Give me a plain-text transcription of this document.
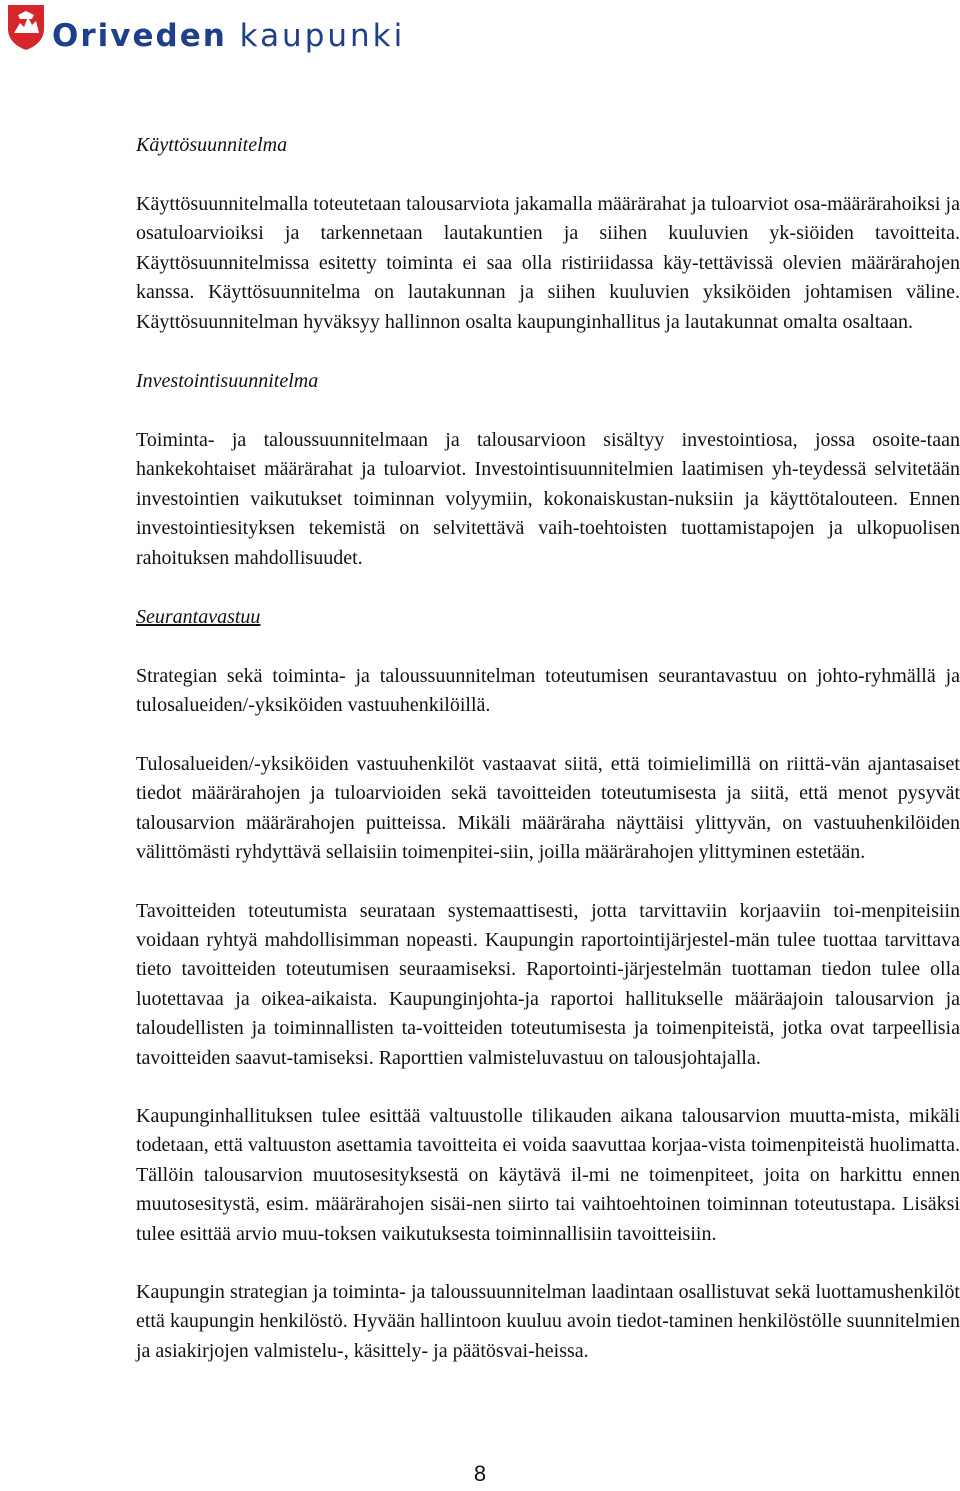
Oriveden kaupunki
Käyttösuunnitelma

Käyttösuunnitelmalla toteutetaan talousarviota jakamalla määrärahat ja tuloarviot osa-määrärahoiksi ja osatuloarvioiksi ja tarkennetaan lautakuntien ja siihen kuuluvien yk-siöiden tavoitteita. Käyttösuunnitelmissa esitetty toiminta ei saa olla ristiriidassa käy-tettävissä olevien määrärahojen kanssa. Käyttösuunnitelma on lautakunnan ja siihen kuuluvien yksiköiden johtamisen väline. Käyttösuunnitelman hyväksyy hallinnon osalta kaupunginhallitus ja lautakunnat omalta osaltaan.

Investointisuunnitelma

Toiminta- ja taloussuunnitelmaan ja talousarvioon sisältyy investointiosa, jossa osoite-taan hankekohtaiset määrärahat ja tuloarviot. Investointisuunnitelmien laatimisen yh-teydessä selvitetään investointien vaikutukset toiminnan volyymiin, kokonaiskustan-nuksiin ja käyttötalouteen. Ennen investointiesityksen tekemistä on selvitettävä vaih-toehtoisten tuottamistapojen ja ulkopuolisen rahoituksen mahdollisuudet.

Seurantavastuu

Strategian sekä toiminta- ja taloussuunnitelman toteutumisen seurantavastuu on johto-ryhmällä ja tulosalueiden/-yksiköiden vastuuhenkilöillä.

Tulosalueiden/-yksiköiden vastuuhenkilöt vastaavat siitä, että toimielimillä on riittä-vän ajantasaiset tiedot määrärahojen ja tuloarvioiden sekä tavoitteiden toteutumisesta ja siitä, että menot pysyvät talousarvion määrärahojen puitteissa. Mikäli määräraha näyttäisi ylittyvän, on vastuuhenkilöiden välittömästi ryhdyttävä sellaisiin toimenpitei-siin, joilla määrärahojen ylittyminen estetään.

Tavoitteiden toteutumista seurataan systemaattisesti, jotta tarvittaviin korjaaviin toi-menpiteisiin voidaan ryhtyä mahdollisimman nopeasti. Kaupungin raportointijärjestel-män tulee tuottaa tarvittava tieto tavoitteiden toteutumisen seuraamiseksi. Raportointi-järjestelmän tuottaman tiedon tulee olla luotettavaa ja oikea-aikaista. Kaupunginjohta-ja raportoi hallitukselle määräajoin talousarvion ja taloudellisten ja toiminnallisten ta-voitteiden toteutumisesta ja toimenpiteistä, jotka ovat tarpeellisia tavoitteiden saavut-tamiseksi. Raporttien valmisteluvastuu on talousjohtajalla.

Kaupunginhallituksen tulee esittää valtuustolle tilikauden aikana talousarvion muutta-mista, mikäli todetaan, että valtuuston asettamia tavoitteita ei voida saavuttaa korjaa-vista toimenpiteistä huolimatta. Tällöin talousarvion muutosesityksestä on käytävä il-mi ne toimenpiteet, joita on harkittu ennen muutosesitystä, esim. määrärahojen sisäi-nen siirto tai vaihtoehtoinen toiminnan toteutustapa. Lisäksi tulee esittää arvio muu-toksen vaikutuksesta toiminnallisiin tavoitteisiin.

Kaupungin strategian ja toiminta- ja taloussuunnitelman laadintaan osallistuvat sekä luottamushenkilöt että kaupungin henkilöstö. Hyvään hallintoon kuuluu avoin tiedot-taminen henkilöstölle suunnitelmien ja asiakirjojen valmistelu-, käsittely- ja päätösvai-heissa.

8
